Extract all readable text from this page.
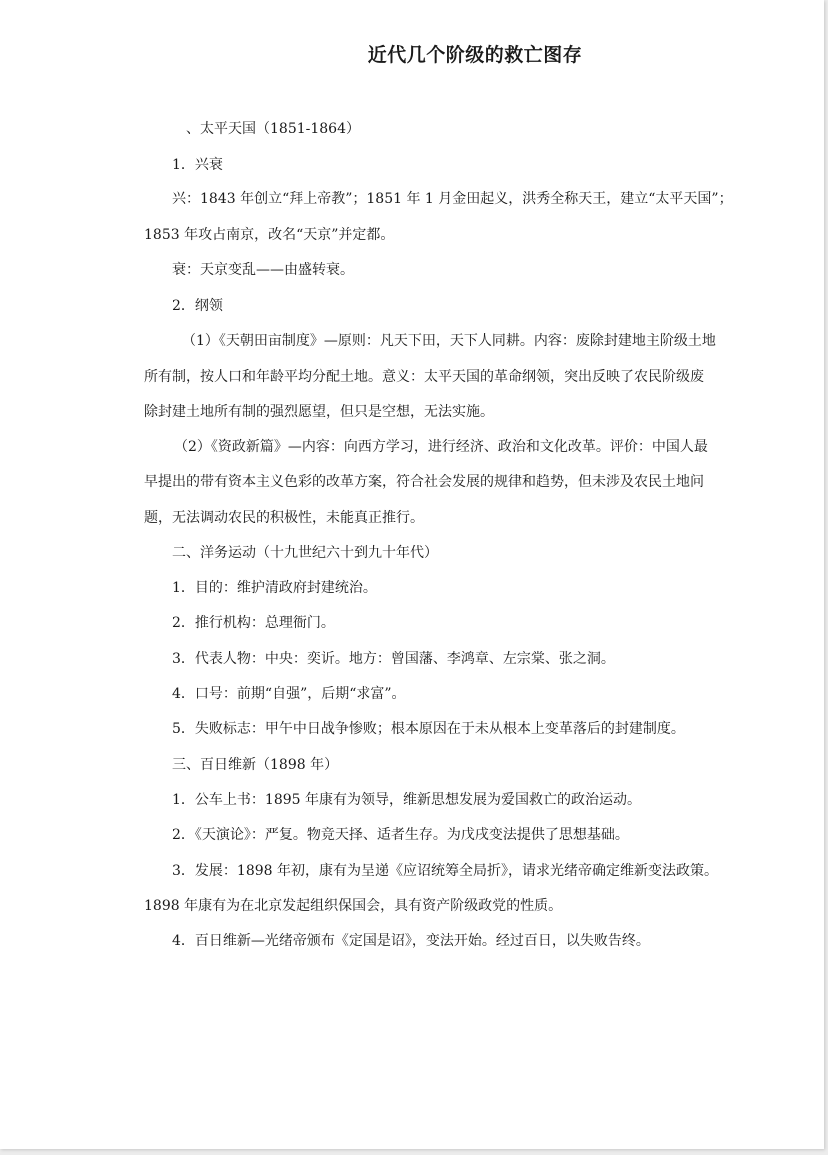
近代几个阶级的救亡图存
、太平天国（1851-1864）
1．兴衰
兴：1843 年创立“拜上帝教”；1851 年 1 月金田起义，洪秀全称天王，建立“太平天国”；
1853 年攻占南京，改名“天京”并定都。
衰：天京变乱——由盛转衰。
2．纲领
（1）《天朝田亩制度》—原则：凡天下田，天下人同耕。内容：废除封建地主阶级土地
所有制，按人口和年龄平均分配土地。意义：太平天国的革命纲领，突出反映了农民阶级废
除封建土地所有制的强烈愿望，但只是空想，无法实施。
（2）《资政新篇》—内容：向西方学习，进行经济、政治和文化改革。评价：中国人最
早提出的带有资本主义色彩的改革方案，符合社会发展的规律和趋势，但未涉及农民土地问
题，无法调动农民的积极性，未能真正推行。
二、洋务运动（十九世纪六十到九十年代）
1．目的：维护清政府封建统治。
2．推行机构：总理衙门。
3．代表人物：中央：奕䜣。地方：曾国藩、李鸿章、左宗棠、张之洞。
4．口号：前期“自强”，后期“求富”。
5．失败标志：甲午中日战争惨败；根本原因在于未从根本上变革落后的封建制度。
三、百日维新（1898 年）
1．公车上书：1895 年康有为领导，维新思想发展为爱国救亡的政治运动。
2．《天演论》：严复。物竞天择、适者生存。为戊戌变法提供了思想基础。
3．发展：1898 年初，康有为呈递《应诏统筹全局折》，请求光绪帝确定维新变法政策。
1898 年康有为在北京发起组织保国会，具有资产阶级政党的性质。
4．百日维新—光绪帝颁布《定国是诏》，变法开始。经过百日，以失败告终。
